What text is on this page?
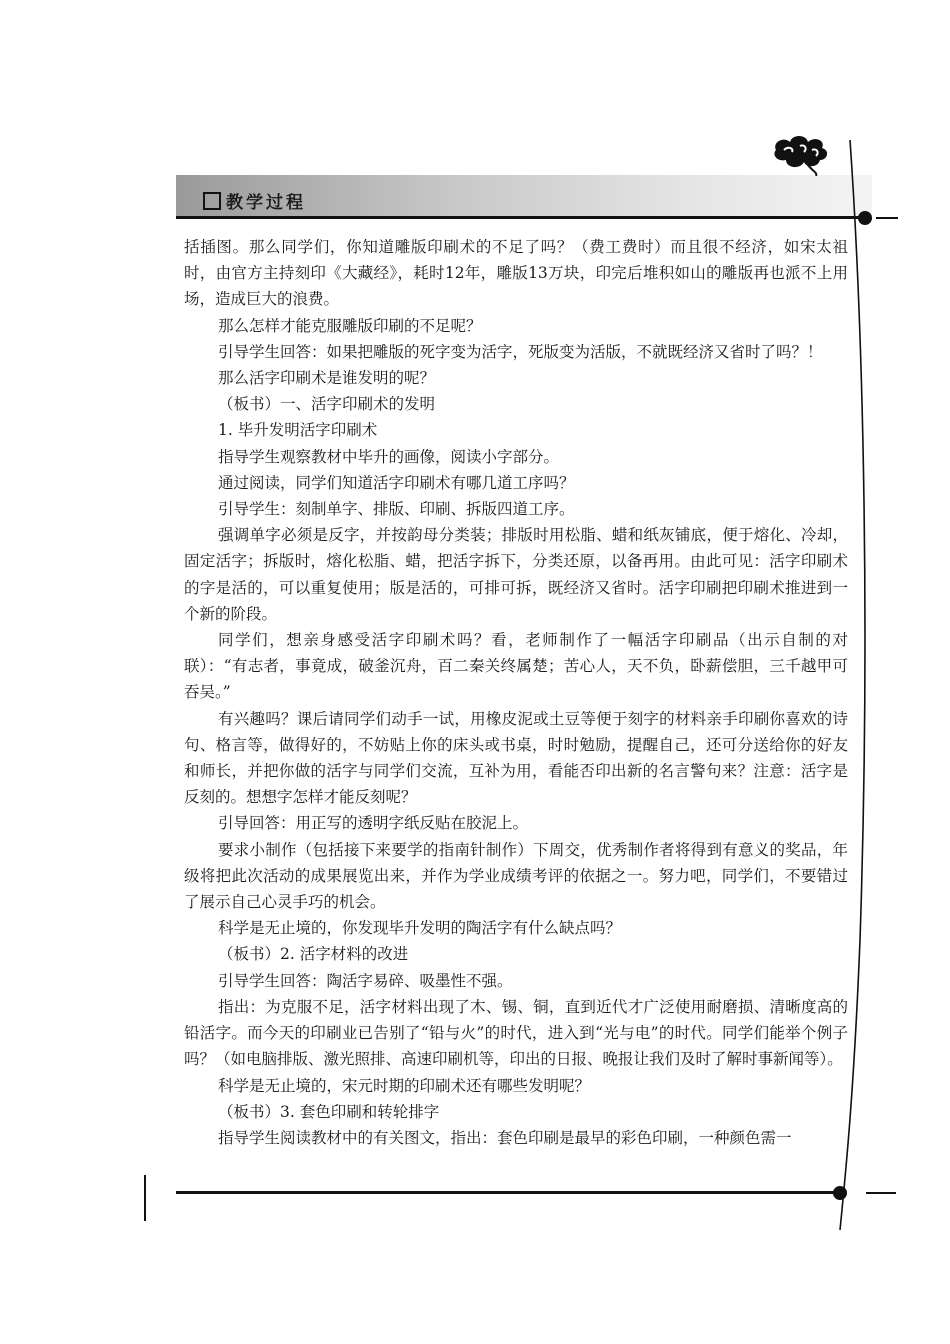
教学过程

括插图。那么同学们，你知道雕版印刷术的不足了吗？（费工费时）而且很不经济，如宋太祖时，由官方主持刻印《大藏经》，耗时12年，雕版13万块，印完后堆积如山的雕版再也派不上用场，造成巨大的浪费。

那么怎样才能克服雕版印刷的不足呢？

引导学生回答：如果把雕版的死字变为活字，死版变为活版，不就既经济又省时了吗？！

那么活字印刷术是谁发明的呢？

（板书）一、活字印刷术的发明

1. 毕升发明活字印刷术

指导学生观察教材中毕升的画像，阅读小字部分。

通过阅读，同学们知道活字印刷术有哪几道工序吗？

引导学生：刻制单字、排版、印刷、拆版四道工序。

强调单字必须是反字，并按韵母分类装；排版时用松脂、蜡和纸灰铺底，便于熔化、冷却，固定活字；拆版时，熔化松脂、蜡，把活字拆下，分类还原，以备再用。由此可见：活字印刷术的字是活的，可以重复使用；版是活的，可排可拆，既经济又省时。活字印刷把印刷术推进到一个新的阶段。

同学们，想亲身感受活字印刷术吗？看，老师制作了一幅活字印刷品（出示自制的对联）：“有志者，事竟成，破釜沉舟，百二秦关终属楚；苦心人，天不负，卧薪偿胆，三千越甲可吞吴。”

有兴趣吗？课后请同学们动手一试，用橡皮泥或土豆等便于刻字的材料亲手印刷你喜欢的诗句、格言等，做得好的，不妨贴上你的床头或书桌，时时勉励，提醒自己，还可分送给你的好友和师长，并把你做的活字与同学们交流，互补为用，看能否印出新的名言警句来？注意：活字是反刻的。想想字怎样才能反刻呢？

引导回答：用正写的透明字纸反贴在胶泥上。

要求小制作（包括接下来要学的指南针制作）下周交，优秀制作者将得到有意义的奖品，年级将把此次活动的成果展览出来，并作为学业成绩考评的依据之一。努力吧，同学们，不要错过了展示自己心灵手巧的机会。

科学是无止境的，你发现毕升发明的陶活字有什么缺点吗？

（板书）2. 活字材料的改进

引导学生回答：陶活字易碎、吸墨性不强。

指出：为克服不足，活字材料出现了木、锡、铜，直到近代才广泛使用耐磨损、清晰度高的铅活字。而今天的印刷业已告别了“铅与火”的时代，进入到“光与电”的时代。同学们能举个例子吗？（如电脑排版、激光照排、高速印刷机等，印出的日报、晚报让我们及时了解时事新闻等）。

科学是无止境的，宋元时期的印刷术还有哪些发明呢？

（板书）3. 套色印刷和转轮排字

指导学生阅读教材中的有关图文，指出：套色印刷是最早的彩色印刷，一种颜色需一
